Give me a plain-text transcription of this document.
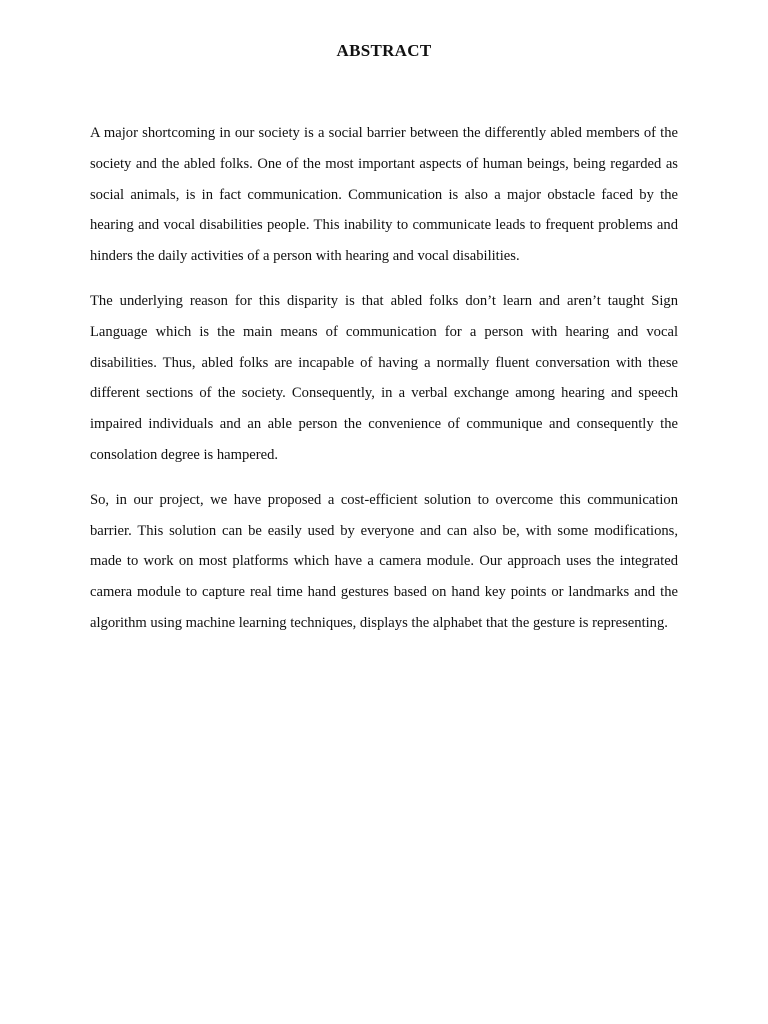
ABSTRACT

A major shortcoming in our society is a social barrier between the differently abled members of the society and the abled folks. One of the most important aspects of human beings, being regarded as social animals, is in fact communication. Communication is also a major obstacle faced by the hearing and vocal disabilities people. This inability to communicate leads to frequent problems and hinders the daily activities of a person with hearing and vocal disabilities.

The underlying reason for this disparity is that abled folks don’t learn and aren’t taught Sign Language which is the main means of communication for a person with hearing and vocal disabilities. Thus, abled folks are incapable of having a normally fluent conversation with these different sections of the society. Consequently, in a verbal exchange among hearing and speech impaired individuals and an able person the convenience of communique and consequently the consolation degree is hampered.

So, in our project, we have proposed a cost-efficient solution to overcome this communication barrier. This solution can be easily used by everyone and can also be, with some modifications, made to work on most platforms which have a camera module. Our approach uses the integrated camera module to capture real time hand gestures based on hand key points or landmarks and the algorithm using machine learning techniques, displays the alphabet that the gesture is representing.
